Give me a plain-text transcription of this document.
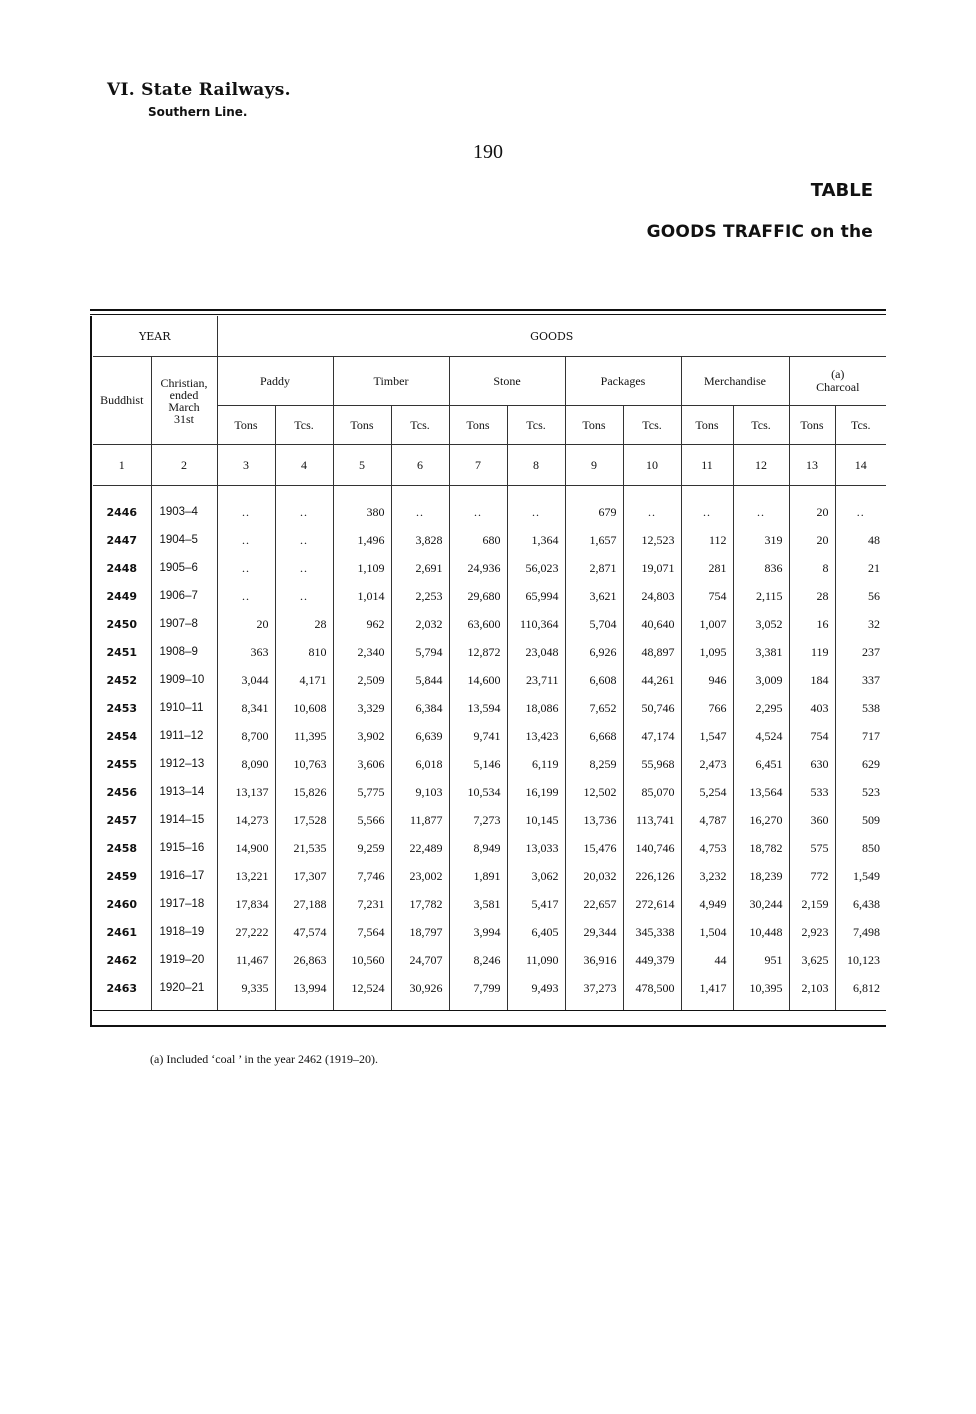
VI. State Railways.
Southern Line.
190
TABLE
GOODS TRAFFIC on the
YEAR		GOODS											
Buddhist	Christian,
ended
March
31st	Paddy		Timber		Stone		Packages		Merchandise		(a)
Charcoal	
		Tons	Tcs.	Tons	Tcs.	Tons	Tcs.	Tons	Tcs.	Tons	Tcs.	Tons	Tcs.
1	2	3	4	5	6	7	8	9	10	11	12	13	14

2446	1903–4	..	..	380	..	..	..	679	..	..	..	20	..
2447	1904–5	..	..	1,496	3,828	680	1,364	1,657	12,523	112	319	20	48
2448	1905–6	..	..	1,109	2,691	24,936	56,023	2,871	19,071	281	836	8	21
2449	1906–7	..	..	1,014	2,253	29,680	65,994	3,621	24,803	754	2,115	28	56
2450	1907–8	20	28	962	2,032	63,600	110,364	5,704	40,640	1,007	3,052	16	32
2451	1908–9	363	810	2,340	5,794	12,872	23,048	6,926	48,897	1,095	3,381	119	237
2452	1909–10	3,044	4,171	2,509	5,844	14,600	23,711	6,608	44,261	946	3,009	184	337
2453	1910–11	8,341	10,608	3,329	6,384	13,594	18,086	7,652	50,746	766	2,295	403	538
2454	1911–12	8,700	11,395	3,902	6,639	9,741	13,423	6,668	47,174	1,547	4,524	754	717
2455	1912–13	8,090	10,763	3,606	6,018	5,146	6,119	8,259	55,968	2,473	6,451	630	629
2456	1913–14	13,137	15,826	5,775	9,103	10,534	16,199	12,502	85,070	5,254	13,564	533	523
2457	1914–15	14,273	17,528	5,566	11,877	7,273	10,145	13,736	113,741	4,787	16,270	360	509
2458	1915–16	14,900	21,535	9,259	22,489	8,949	13,033	15,476	140,746	4,753	18,782	575	850
2459	1916–17	13,221	17,307	7,746	23,002	1,891	3,062	20,032	226,126	3,232	18,239	772	1,549
2460	1917–18	17,834	27,188	7,231	17,782	3,581	5,417	22,657	272,614	4,949	30,244	2,159	6,438
2461	1918–19	27,222	47,574	7,564	18,797	3,994	6,405	29,344	345,338	1,504	10,448	2,923	7,498
2462	1919–20	11,467	26,863	10,560	24,707	8,246	11,090	36,916	449,379	44	951	3,625	10,123
2463	1920–21	9,335	13,994	12,524	30,926	7,799	9,493	37,273	478,500	1,417	10,395	2,103	6,812

(a) Included ‘coal ’ in the year 2462 (1919–20).
